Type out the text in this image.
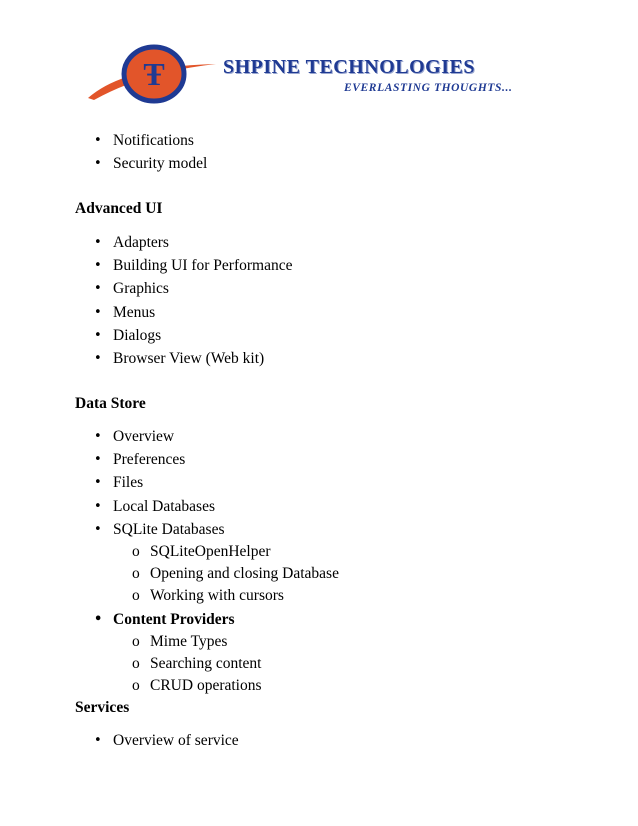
Ŧ	SHPINE TECHNOLOGIES
EVERLASTING THOUGHTS...
• Notifications
• Security model
Advanced UI
• Adapters
• Building UI for Performance
• Graphics
• Menus
• Dialogs
• Browser View (Web kit)
Data Store
• Overview
• Preferences
• Files
• Local Databases
• SQLite Databases
o SQLiteOpenHelper
o Opening and closing Database
o Working with cursors
• Content Providers
o Mime Types
o Searching content
o CRUD operations
Services
• Overview of service
